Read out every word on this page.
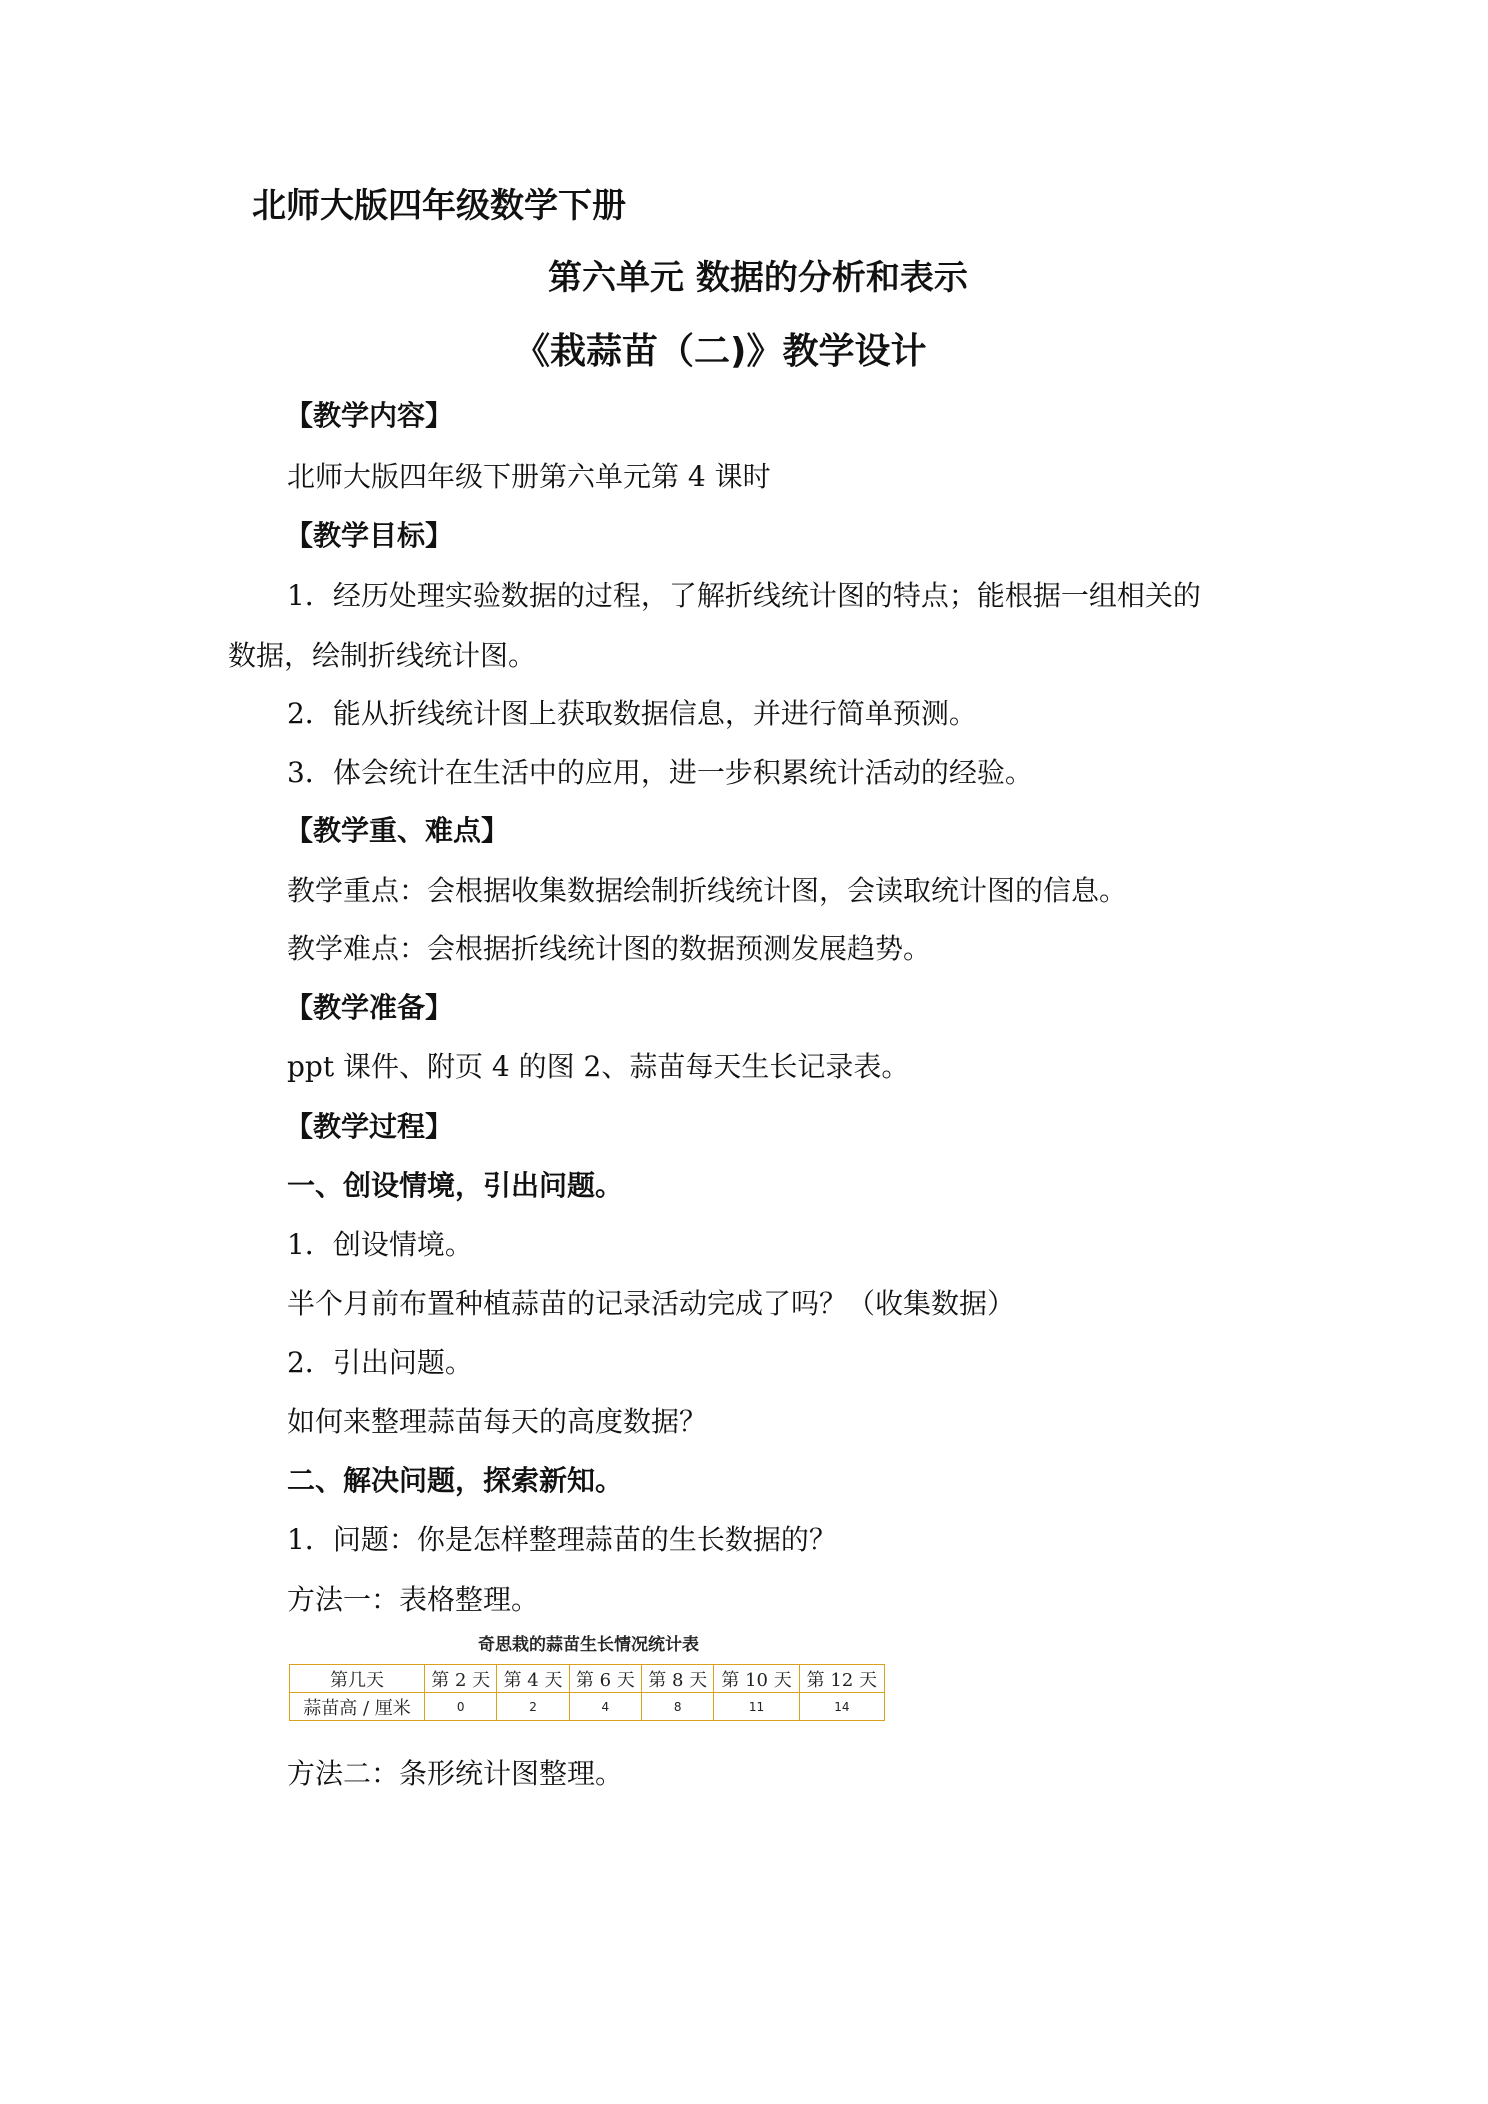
北师大版四年级数学下册
第六单元 数据的分析和表示
《栽蒜苗（二)》教学设计
【教学内容】
北师大版四年级下册第六单元第 4 课时
【教学目标】
1．经历处理实验数据的过程，了解折线统计图的特点；能根据一组相关的
数据，绘制折线统计图。
2．能从折线统计图上获取数据信息，并进行简单预测。
3．体会统计在生活中的应用，进一步积累统计活动的经验。
【教学重、难点】
教学重点：会根据收集数据绘制折线统计图，会读取统计图的信息。
教学难点：会根据折线统计图的数据预测发展趋势。
【教学准备】
ppt 课件、附页 4 的图 2、蒜苗每天生长记录表。
【教学过程】
一、创设情境，引出问题。
1．创设情境。
半个月前布置种植蒜苗的记录活动完成了吗？（收集数据）
2．引出问题。
如何来整理蒜苗每天的高度数据？
二、解决问题，探索新知。
1．问题：你是怎样整理蒜苗的生长数据的？
方法一：表格整理。
奇思栽的蒜苗生长情况统计表
第几天	第 2 天	第 4 天	第 6 天	第 8 天	第 10 天	第 12 天
蒜苗高 / 厘米	0	2	4	8	11	14
方法二：条形统计图整理。
